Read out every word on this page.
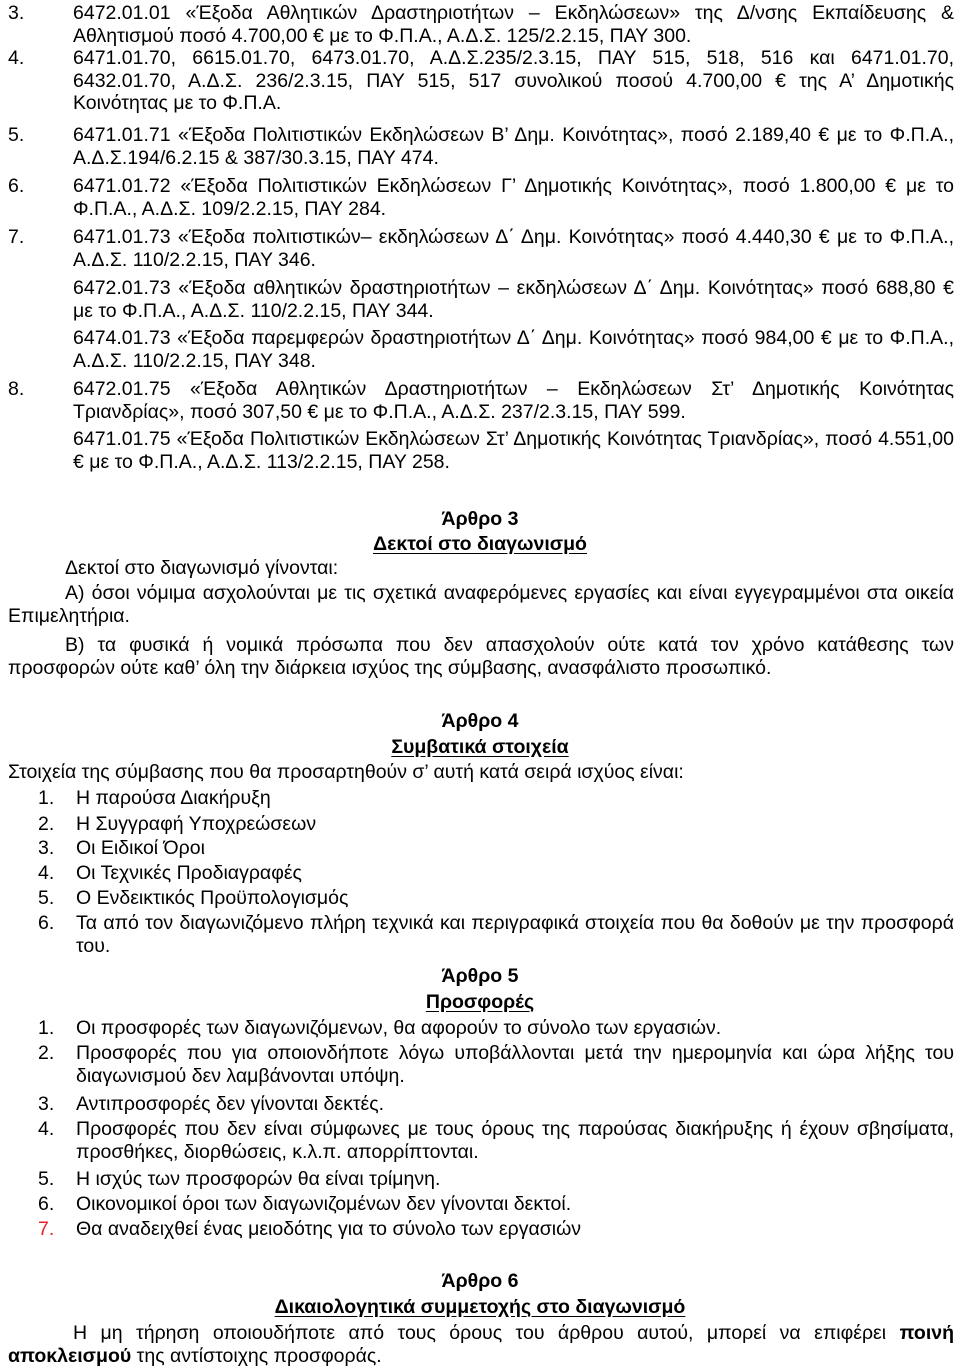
3. 6472.01.01 «Έξοδα Αθλητικών Δραστηριοτήτων – Εκδηλώσεων» της Δ/νσης Εκπαίδευσης & Αθλητισμού ποσό 4.700,00 € με το Φ.Π.Α., Α.Δ.Σ. 125/2.2.15, ΠΑΥ 300.
4. 6471.01.70, 6615.01.70, 6473.01.70, Α.Δ.Σ.235/2.3.15, ΠΑΥ 515, 518, 516 και 6471.01.70, 6432.01.70, Α.Δ.Σ. 236/2.3.15, ΠΑΥ 515, 517 συνολικού ποσού 4.700,00 € της Α’ Δημοτικής Κοινότητας με το Φ.Π.Α.
5. 6471.01.71 «Έξοδα Πολιτιστικών Εκδηλώσεων Β’ Δημ. Κοινότητας», ποσό 2.189,40 € με το Φ.Π.Α., Α.Δ.Σ.194/6.2.15 & 387/30.3.15, ΠΑΥ 474.
6. 6471.01.72 «Έξοδα Πολιτιστικών Εκδηλώσεων Γ’ Δημοτικής Κοινότητας», ποσό 1.800,00 € με το Φ.Π.Α., Α.Δ.Σ. 109/2.2.15, ΠΑΥ 284.
7. 6471.01.73 «Έξοδα πολιτιστικών– εκδηλώσεων Δ΄ Δημ. Κοινότητας» ποσό 4.440,30 € με το Φ.Π.Α., Α.Δ.Σ. 110/2.2.15, ΠΑΥ 346.
6472.01.73 «Έξοδα αθλητικών δραστηριοτήτων – εκδηλώσεων Δ΄ Δημ. Κοινότητας» ποσό 688,80 € με το Φ.Π.Α., Α.Δ.Σ. 110/2.2.15, ΠΑΥ 344.
6474.01.73 «Έξοδα παρεμφερών δραστηριοτήτων Δ΄ Δημ. Κοινότητας» ποσό 984,00 € με το Φ.Π.Α., Α.Δ.Σ. 110/2.2.15, ΠΑΥ 348.
8. 6472.01.75 «Έξοδα Αθλητικών Δραστηριοτήτων – Εκδηλώσεων Στ’ Δημοτικής Κοινότητας Τριανδρίας», ποσό 307,50 € με το Φ.Π.Α., Α.Δ.Σ. 237/2.3.15, ΠΑΥ 599.
6471.01.75 «Έξοδα Πολιτιστικών Εκδηλώσεων Στ’ Δημοτικής Κοινότητας Τριανδρίας», ποσό 4.551,00 € με το Φ.Π.Α., Α.Δ.Σ. 113/2.2.15, ΠΑΥ 258.

Άρθρο 3

Δεκτοί στο διαγωνισμό

Δεκτοί στο διαγωνισμό γίνονται:
Α) όσοι νόμιμα ασχολούνται με τις σχετικά αναφερόμενες εργασίες και είναι εγγεγραμμένοι στα οικεία Επιμελητήρια.
Β) τα φυσικά ή νομικά πρόσωπα που δεν απασχολούν ούτε κατά τον χρόνο κατάθεσης των προσφορών ούτε καθ’ όλη την διάρκεια ισχύος της σύμβασης, ανασφάλιστο προσωπικό.

Άρθρο 4

Συμβατικά στοιχεία

Στοιχεία της σύμβασης που θα προσαρτηθούν σ’ αυτή κατά σειρά ισχύος είναι:
1.	Η παρούσα Διακήρυξη
2.	Η Συγγραφή Υποχρεώσεων
3.	Οι Ειδικοί Όροι
4.	Οι Τεχνικές Προδιαγραφές
5.	Ο Ενδεικτικός Προϋπολογισμός
6.	Τα από τον διαγωνιζόμενο πλήρη τεχνικά και περιγραφικά στοιχεία που θα δοθούν με την προσφορά του.

Άρθρο 5

Προσφορές

1.	Οι προσφορές των διαγωνιζόμενων, θα αφορούν το σύνολο των εργασιών.
2.	Προσφορές που για οποιονδήποτε λόγω υποβάλλονται μετά την ημερομηνία και ώρα λήξης του διαγωνισμού δεν λαμβάνονται υπόψη.
3.	Αντιπροσφορές δεν γίνονται δεκτές.
4.	Προσφορές που δεν είναι σύμφωνες με τους όρους της παρούσας διακήρυξης ή έχουν σβησίματα, προσθήκες, διορθώσεις, κ.λ.π. απορρίπτονται.
5.	Η ισχύς των προσφορών θα είναι τρίμηνη.
6.	Οικονομικοί όροι των διαγωνιζομένων δεν γίνονται δεκτοί.
7.	Θα αναδειχθεί ένας μειοδότης για το σύνολο των εργασιών

Άρθρο 6

Δικαιολογητικά συμμετοχής στο διαγωνισμό

Η μη τήρηση οποιουδήποτε από τους όρους του άρθρου αυτού, μπορεί να επιφέρει ποινή αποκλεισμού της αντίστοιχης προσφοράς.
